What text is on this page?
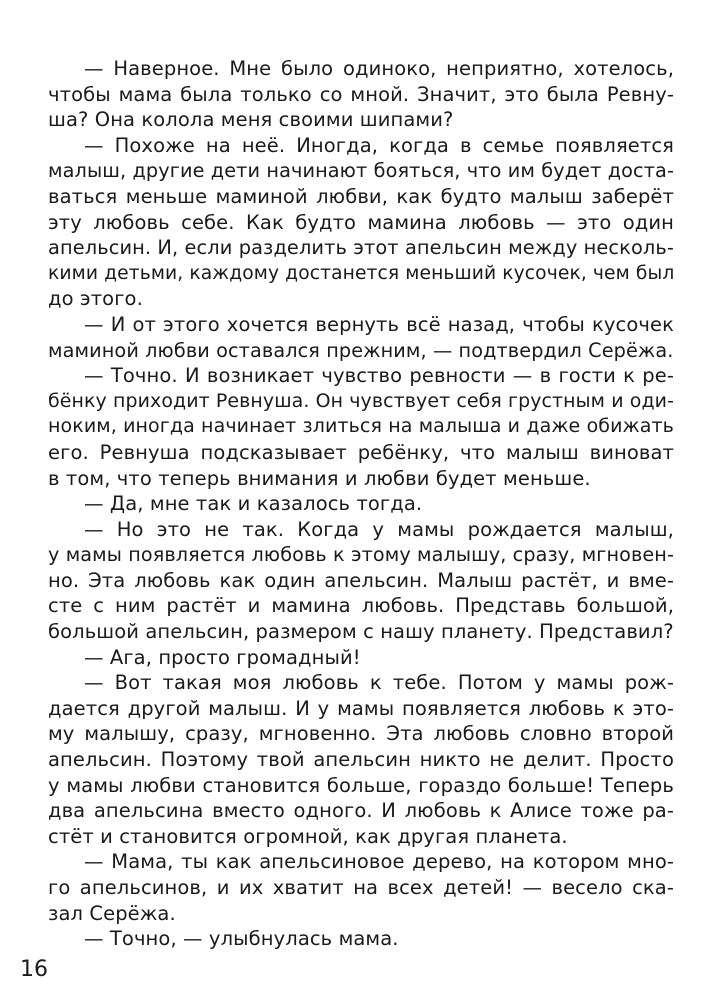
— Наверное. Мне было одиноко, неприятно, хотелось,
чтобы мама была только со мной. Значит, это была Ревну-
ша? Она колола меня своими шипами?
— Похоже на неё. Иногда, когда в семье появляется
малыш, другие дети начинают бояться, что им будет доста-
ваться меньше маминой любви, как будто малыш заберёт
эту любовь себе. Как будто мамина любовь — это один
апельсин. И, если разделить этот апельсин между несколь-
кими детьми, каждому достанется меньший кусочек, чем был
до этого.
— И от этого хочется вернуть всё назад, чтобы кусочек
маминой любви оставался прежним, — подтвердил Серёжа.
— Точно. И возникает чувство ревности — в гости к ре-
бёнку приходит Ревнуша. Он чувствует себя грустным и оди-
ноким, иногда начинает злиться на малыша и даже обижать
его. Ревнуша подсказывает ребёнку, что малыш виноват
в том, что теперь внимания и любви будет меньше.
— Да, мне так и казалось тогда.
— Но это не так. Когда у мамы рождается малыш,
у мамы появляется любовь к этому малышу, сразу, мгновен-
но. Эта любовь как один апельсин. Малыш растёт, и вме-
сте с ним растёт и мамина любовь. Представь большой,
большой апельсин, размером с нашу планету. Представил?
— Ага, просто громадный!
— Вот такая моя любовь к тебе. Потом у мамы рож-
дается другой малыш. И у мамы появляется любовь к это-
му малышу, сразу, мгновенно. Эта любовь словно второй
апельсин. Поэтому твой апельсин никто не делит. Просто
у мамы любви становится больше, гораздо больше! Теперь
два апельсина вместо одного. И любовь к Алисе тоже ра-
стёт и становится огромной, как другая планета.
— Мама, ты как апельсиновое дерево, на котором мно-
го апельсинов, и их хватит на всех детей! — весело ска-
зал Серёжа.
— Точно, — улыбнулась мама.
16
